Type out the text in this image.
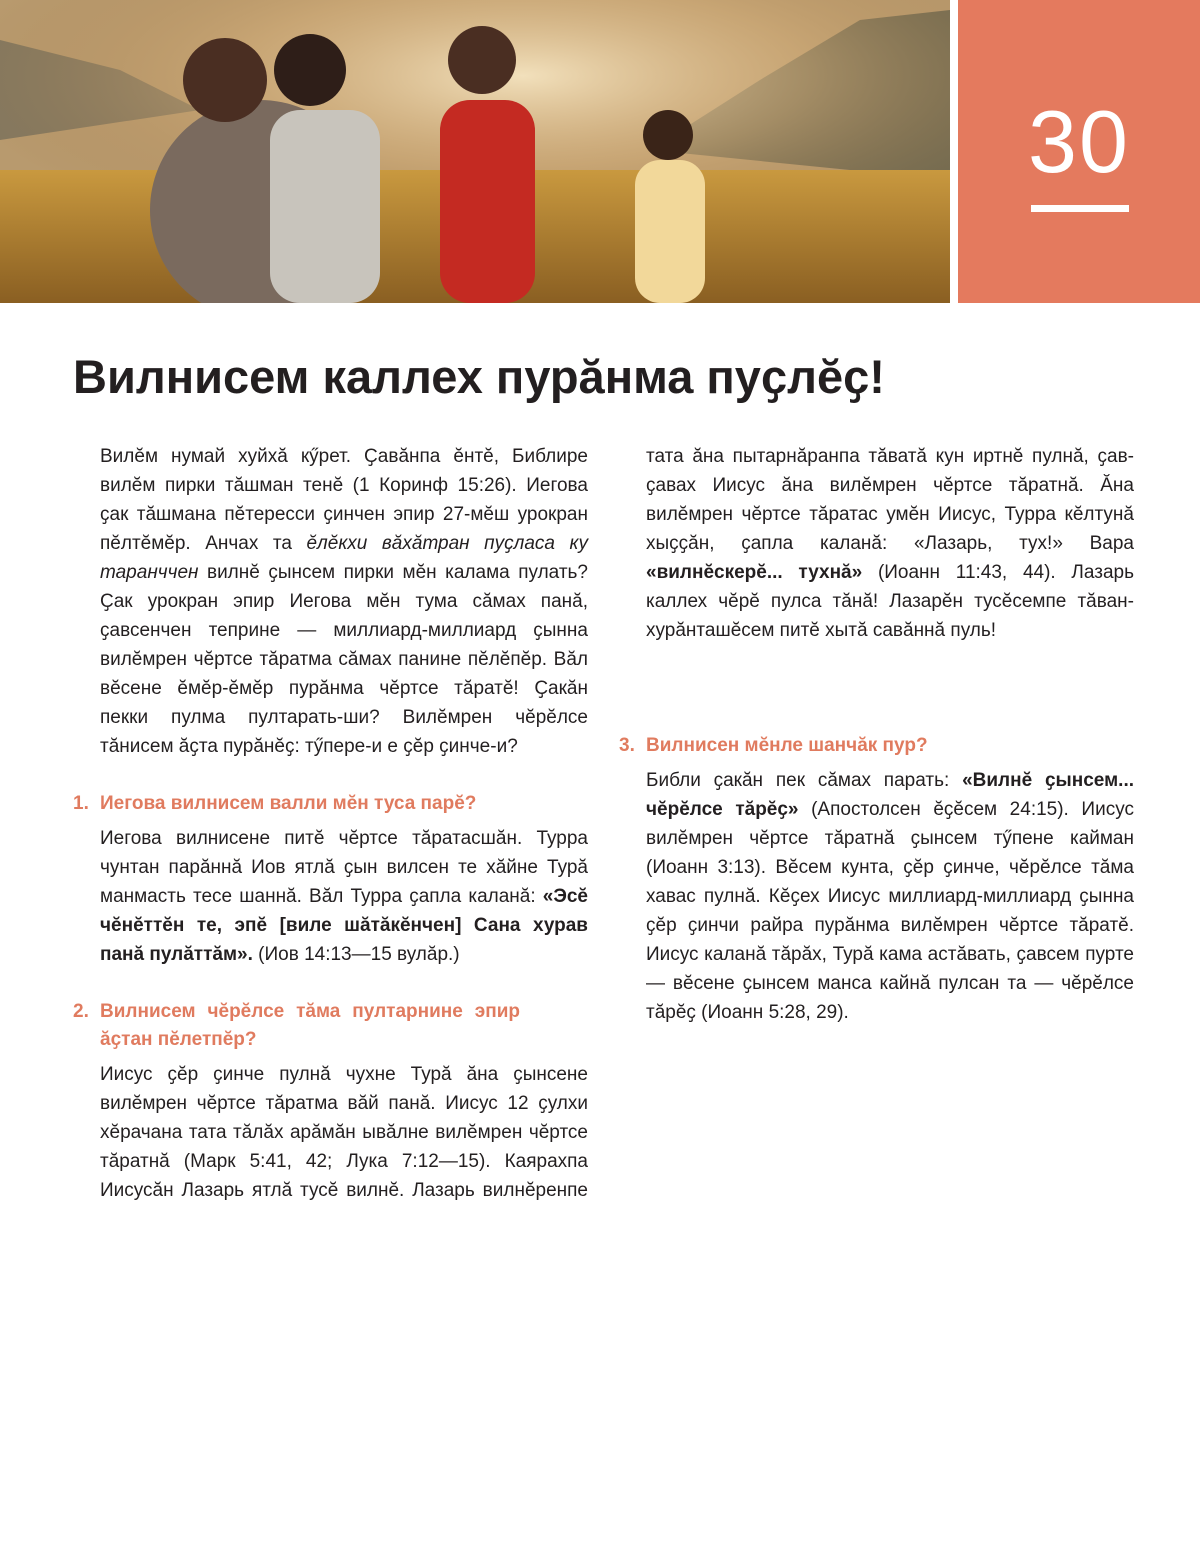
30
Вилнисем каллех пурӑнма пуҫлӗҫ!

Вилӗм нумай хуйхӑ кӳрет. Ҫавӑнпа ӗнтӗ, Библире вилӗм пирки тӑшман тенӗ (1 Коринф 15:26). Иегова ҫак тӑшмана пӗтересси ҫинчен эпир 27-мӗш урокран пӗлтӗмӗр. Анчах та ӗлӗкхи вӑхӑтран пуҫласа ку таранччен вилнӗ ҫынсем пирки мӗн калама пулать? Ҫак урокран эпир Иегова мӗн тума сӑмах панӑ, ҫавсенчен теприне — миллиард-миллиард ҫынна вилӗмрен чӗртсе тӑратма сӑмах панине пӗлӗпӗр. Вӑл вӗсене ӗмӗр-ӗмӗр пурӑнма чӗртсе тӑратӗ! Ҫакӑн пекки пулма пултарать-ши? Вилӗмрен чӗрӗлсе тӑнисем ӑҫта пурӑнӗҫ: тӳпере-и е ҫӗр ҫинче-и?

1. Иегова вилнисем валли мӗн туса парӗ?

Иегова вилнисене питӗ чӗртсе тӑратасшӑн. Турра чунтан парӑннӑ Иов ятлӑ ҫын вилсен те хӑйне Турӑ манмасть тесе шаннӑ. Вӑл Турра ҫапла каланӑ: «Эсӗ чӗнӗттӗн те, эпӗ [виле шӑтӑкӗнчен] Сана хурав панӑ пулӑттӑм». (Иов 14:13—15 вулӑр.)

2. Вилнисем чӗрӗлсе тӑма пултарнине эпир ӑҫтан пӗлетпӗр?

Иисус ҫӗр ҫинче пулнӑ чухне Турӑ ӑна ҫынсене вилӗмрен чӗртсе тӑратма вӑй панӑ. Иисус 12 ҫулхи хӗрачана тата тӑлӑх арӑмӑн ывӑлне вилӗмрен чӗртсе тӑратнӑ (Марк 5:41, 42; Лука 7:12—15). Каярахпа Иисусӑн Лазарь ятлӑ тусӗ вилнӗ. Лазарь вилнӗренпе

тата ӑна пытарнӑранпа тӑватӑ кун иртнӗ пулнӑ, ҫав-ҫавах Иисус ӑна вилӗмрен чӗртсе тӑратнӑ. Ӑна вилӗмрен чӗртсе тӑратас умӗн Иисус, Турра кӗлтунӑ хыҫҫӑн, ҫапла каланӑ: «Лазарь, тух!» Вара «вилнӗскерӗ... тухнӑ» (Иоанн 11:43, 44). Лазарь каллех чӗрӗ пулса тӑнӑ! Лазарӗн тусӗсемпе тӑван-хурӑнташӗсем питӗ хытӑ савӑннӑ пуль!

3. Вилнисен мӗнле шанчӑк пур?

Библи ҫакӑн пек сӑмах парать: «Вилнӗ ҫынсем... чӗрӗлсе тӑрӗҫ» (Апостолсен ӗҫӗсем 24:15). Иисус вилӗмрен чӗртсе тӑратнӑ ҫынсем тӳпене кайман (Иоанн 3:13). Вӗсем кунта, ҫӗр ҫинче, чӗрӗлсе тӑма хавас пулнӑ. Кӗҫех Иисус миллиард-миллиард ҫынна ҫӗр ҫинчи райра пурӑнма вилӗмрен чӗртсе тӑратӗ. Иисус каланӑ тӑрӑх, Турӑ кама астӑвать, ҫавсем пурте — вӗсене ҫынсем манса кайнӑ пулсан та — чӗрӗлсе тӑрӗҫ (Иоанн 5:28, 29).
